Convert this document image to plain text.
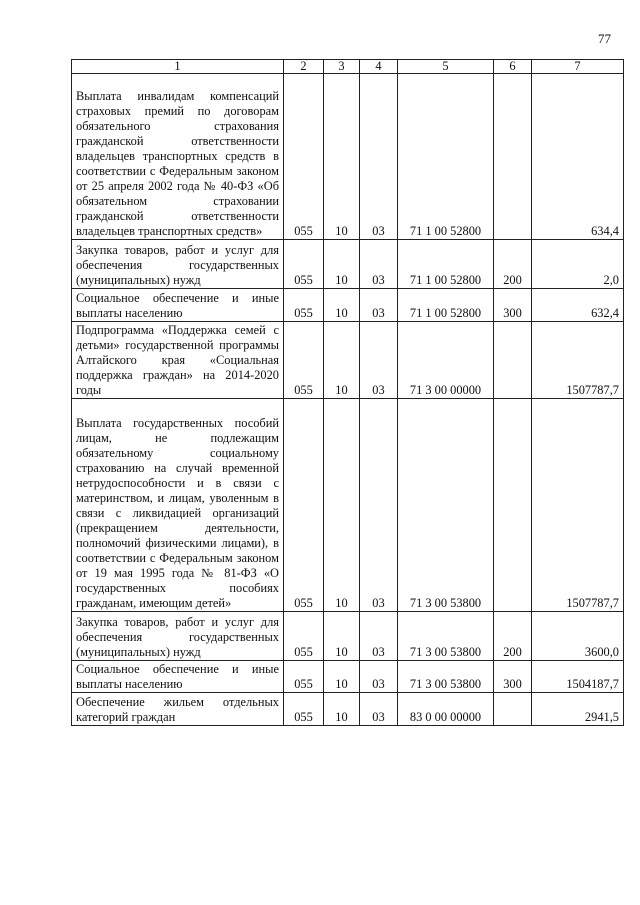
77
1	2	3	4	5	6	7
Выплата инвалидам компенсаций страховых премий по договорам обязательного страхования гражданской ответственности владельцев транспортных средств в соответствии с Федеральным законом от 25 апреля 2002 года № 40-ФЗ «Об обязательном страховании гражданской ответственности владельцев транспортных средств»	055	10	03	71 1 00 52800		634,4
Закупка товаров, работ и услуг для обеспечения государственных (муниципальных) нужд	055	10	03	71 1 00 52800	200	2,0
Социальное обеспечение и иные выплаты населению	055	10	03	71 1 00 52800	300	632,4
Подпрограмма «Поддержка семей с детьми» государственной программы Алтайского края «Социальная поддержка граждан» на 2014-2020 годы	055	10	03	71 3 00 00000		1507787,7
Выплата государственных пособий лицам, не подлежащим обязательному социальному страхованию на случай временной нетрудоспособности и в связи с материнством, и лицам, уволенным в связи с ликвидацией организаций (прекращением деятельности, полномочий физическими лицами), в соответствии с Федеральным законом от 19 мая 1995 года № 81-ФЗ «О государственных пособиях гражданам, имеющим детей»	055	10	03	71 3 00 53800		1507787,7
Закупка товаров, работ и услуг для обеспечения государственных (муниципальных) нужд	055	10	03	71 3 00 53800	200	3600,0
Социальное обеспечение и иные выплаты населению	055	10	03	71 3 00 53800	300	1504187,7
Обеспечение жильем отдельных категорий граждан	055	10	03	83 0 00 00000		2941,5
